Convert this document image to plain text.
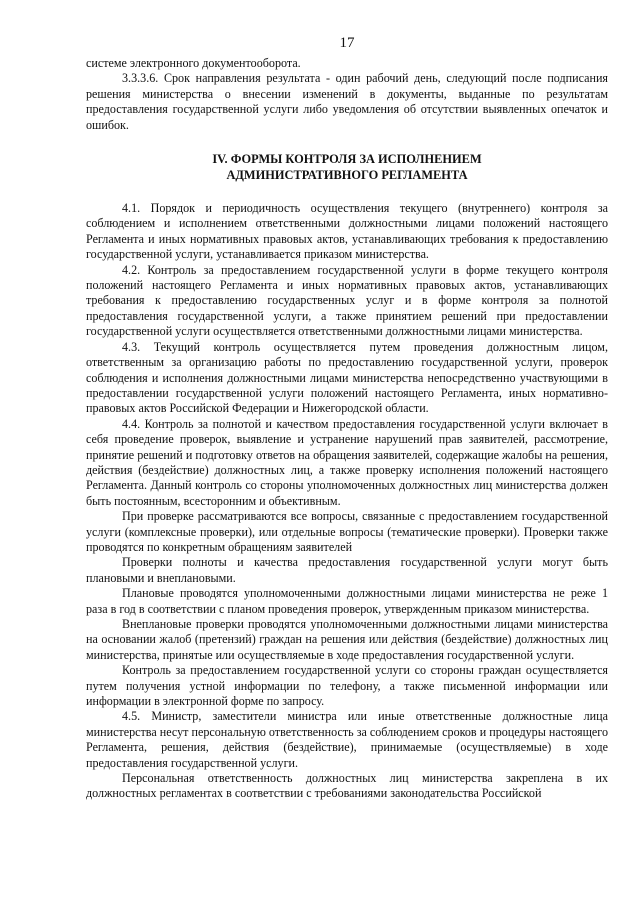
17

системе электронного документооборота.

3.3.3.6. Срок направления результата - один рабочий день, следующий после подписания решения министерства о внесении изменений в документы, выданные по результатам предоставления государственной услуги либо уведомления об отсутствии выявленных опечаток и ошибок.

IV. ФОРМЫ КОНТРОЛЯ ЗА ИСПОЛНЕНИЕМ
АДМИНИСТРАТИВНОГО РЕГЛАМЕНТА

4.1. Порядок и периодичность осуществления текущего (внутреннего) контроля за соблюдением и исполнением ответственными должностными лицами положений настоящего Регламента и иных нормативных правовых актов, устанавливающих требования к предоставлению государственной услуги, устанавливается приказом министерства.

4.2. Контроль за предоставлением государственной услуги в форме текущего контроля положений настоящего Регламента и иных нормативных правовых актов, устанавливающих требования к предоставлению государственных услуг и в форме контроля за полнотой предоставления государственной услуги, а также принятием решений при предоставлении государственной услуги осуществляется ответственными должностными лицами министерства.

4.3. Текущий контроль осуществляется путем проведения должностным лицом, ответственным за организацию работы по предоставлению государственной услуги, проверок соблюдения и исполнения должностными лицами министерства непосредственно участвующими в предоставлении государственной услуги положений настоящего Регламента, иных нормативно-правовых актов Российской Федерации и Нижегородской области.

4.4. Контроль за полнотой и качеством предоставления государственной услуги включает в себя проведение проверок, выявление и устранение нарушений прав заявителей, рассмотрение, принятие решений и подготовку ответов на обращения заявителей, содержащие жалобы на решения, действия (бездействие) должностных лиц, а также проверку исполнения положений настоящего Регламента. Данный контроль со стороны уполномоченных должностных лиц министерства должен быть постоянным, всесторонним и объективным.

При проверке рассматриваются все вопросы, связанные с предоставлением государственной услуги (комплексные проверки), или отдельные вопросы (тематические проверки). Проверки также проводятся по конкретным обращениям заявителей

Проверки полноты и качества предоставления государственной услуги могут быть плановыми и внеплановыми.

Плановые проводятся уполномоченными должностными лицами министерства не реже 1 раза в год в соответствии с планом проведения проверок, утвержденным приказом министерства.

Внеплановые проверки проводятся уполномоченными должностными лицами министерства на основании жалоб (претензий) граждан на решения или действия (бездействие) должностных лиц министерства, принятые или осуществляемые в ходе предоставления государственной услуги.

Контроль за предоставлением государственной услуги со стороны граждан осуществляется путем получения устной информации по телефону, а также письменной информации или информации в электронной форме по запросу.

4.5. Министр, заместители министра или иные ответственные должностные лица министерства несут персональную ответственность за соблюдением сроков и процедуры настоящего Регламента, решения, действия (бездействие), принимаемые (осуществляемые) в ходе предоставления государственной услуги.

Персональная ответственность должностных лиц министерства закреплена в их должностных регламентах в соответствии с требованиями законодательства Российской
